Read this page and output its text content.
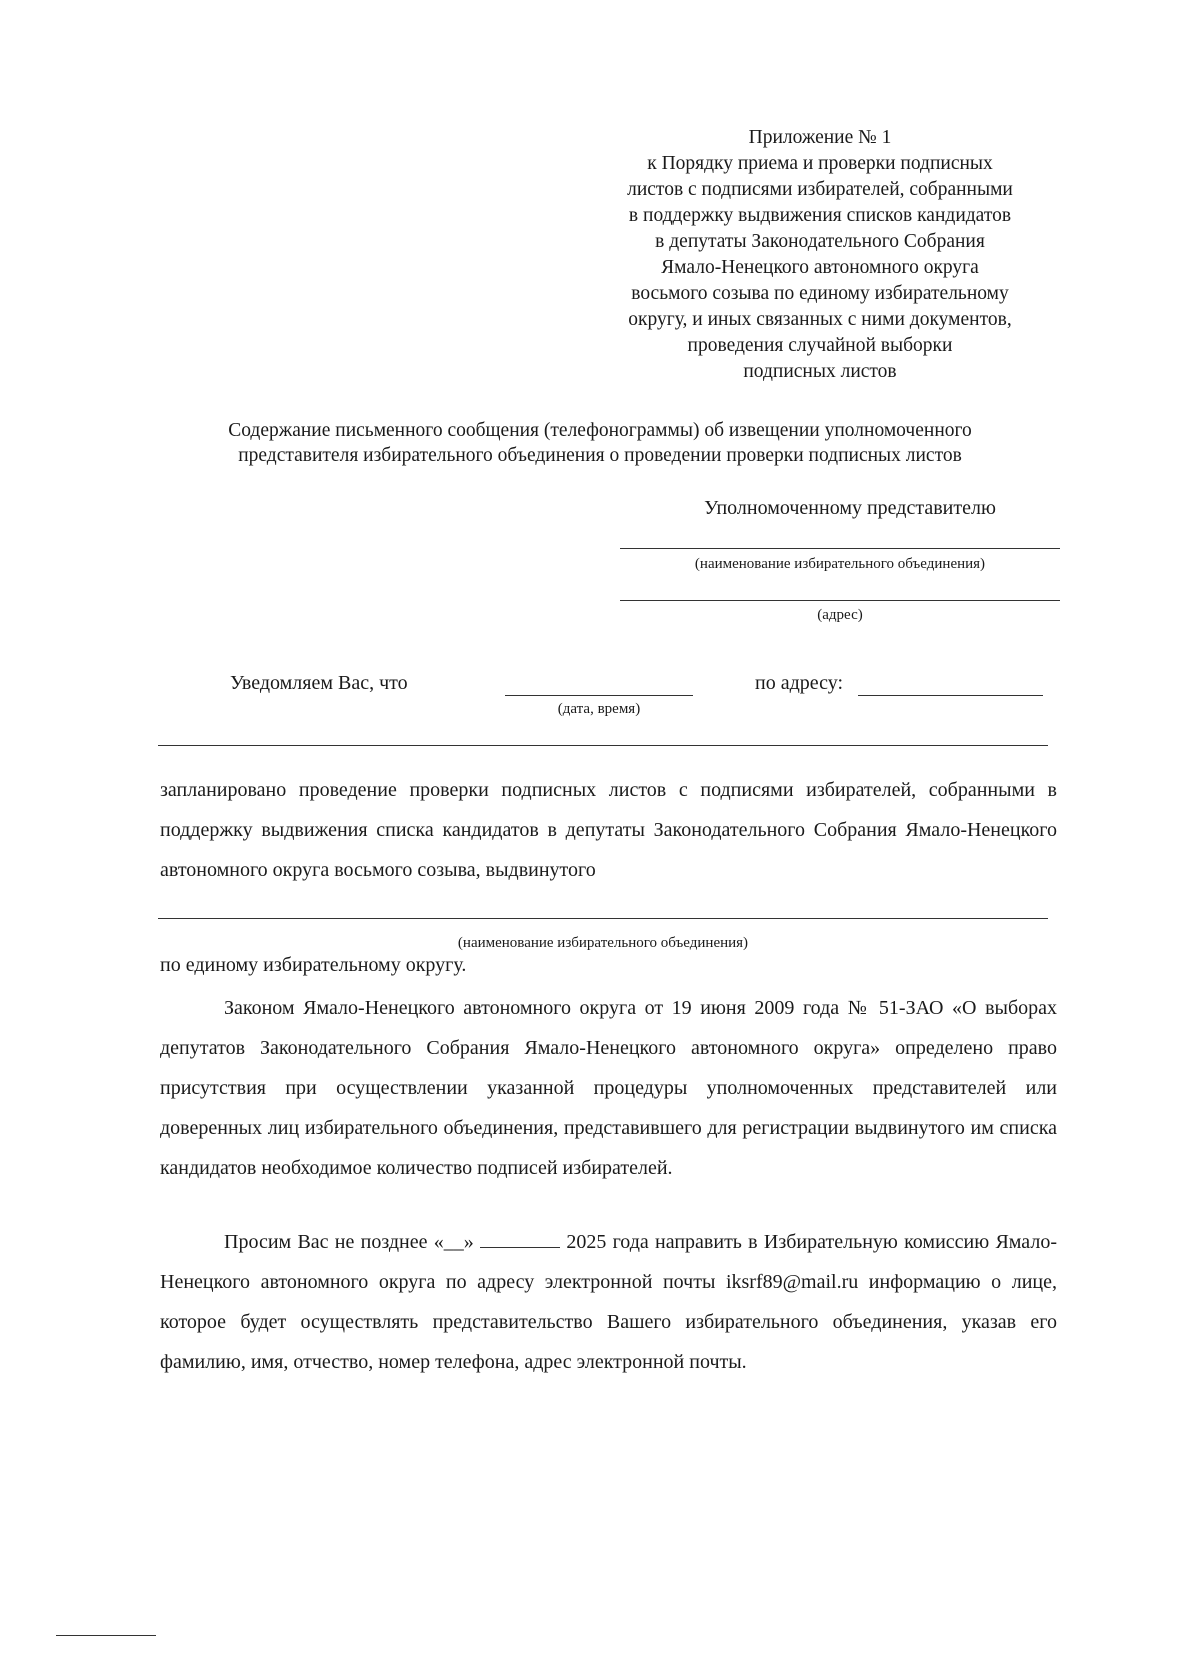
Приложение № 1
к Порядку приема и проверки подписных
листов с подписями избирателей, собранными
в поддержку выдвижения списков кандидатов
в депутаты Законодательного Собрания
Ямало-Ненецкого автономного округа
восьмого созыва по единому избирательному
округу, и иных связанных с ними документов,
проведения случайной выборки
подписных листов
Содержание письменного сообщения (телефонограммы) об извещении уполномоченного
представителя избирательного объединения о проведении проверки подписных листов
Уполномоченному представителю
(наименование избирательного объединения)
(адрес)
Уведомляем Вас, что
(дата, время)
по адресу:
запланировано проведение проверки подписных листов с подписями избирателей, собранными в поддержку выдвижения списка кандидатов в депутаты Законодательного Собрания Ямало-Ненецкого автономного округа восьмого созыва, выдвинутого
(наименование избирательного объединения)
по единому избирательному округу.
Законом Ямало-Ненецкого автономного округа от 19 июня 2009 года № 51-ЗАО «О выборах депутатов Законодательного Собрания Ямало-Ненецкого автономного округа» определено право присутствия при осуществлении указанной процедуры уполномоченных представителей или доверенных лиц избирательного объединения, представившего для регистрации выдвинутого им списка кандидатов необходимое количество подписей избирателей.
Просим Вас не позднее «__»	2025 года направить в Избирательную комиссию Ямало-Ненецкого автономного округа по адресу электронной почты iksrf89@mail.ru информацию о лице, которое будет осуществлять представительство Вашего избирательного объединения, указав его фамилию, имя, отчество, номер телефона, адрес электронной почты.
